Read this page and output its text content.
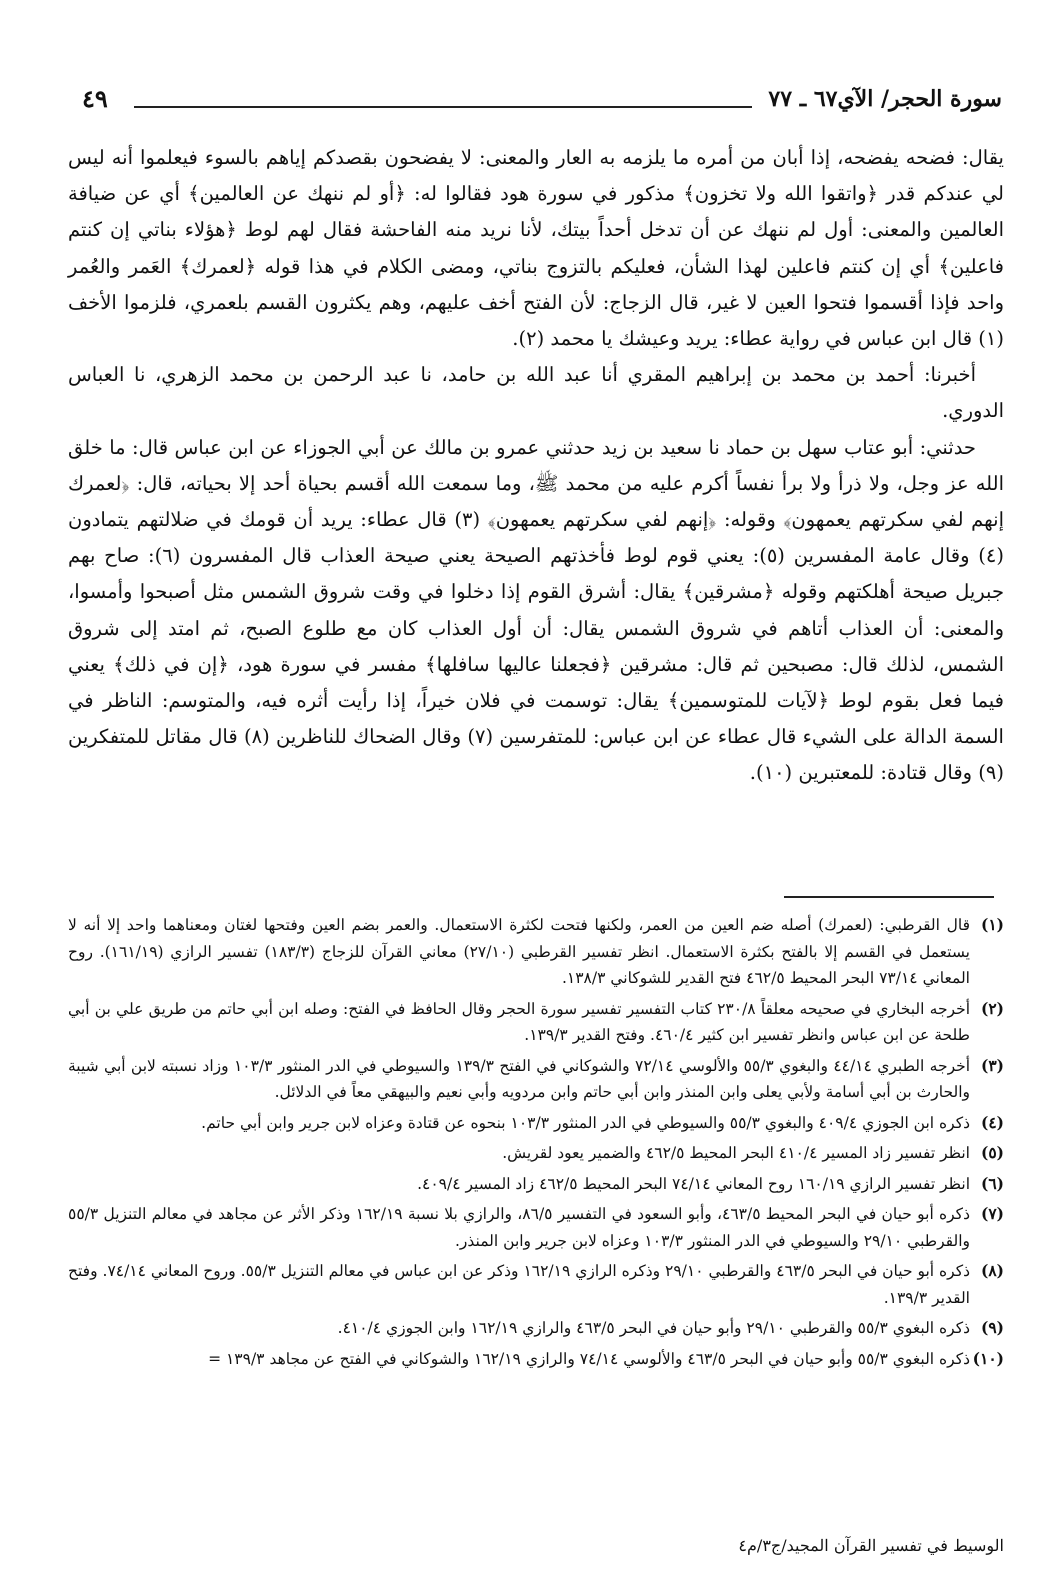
سورة الحجر/ الآي٦٧ ـ ٧٧
٤٩

يقال: فضحه يفضحه، إذا أبان من أمره ما يلزمه به العار والمعنى: لا يفضحون بقصدكم إياهم بالسوء فيعلموا أنه ليس لي عندكم قدر ﴿واتقوا الله ولا تخزون﴾ مذكور في سورة هود فقالوا له: ﴿أو لم ننهك عن العالمين﴾ أي عن ضيافة العالمين والمعنى: أول لم ننهك عن أن تدخل أحداً بيتك، لأنا نريد منه الفاحشة فقال لهم لوط ﴿هؤلاء بناتي إن كنتم فاعلين﴾ أي إن كنتم فاعلين لهذا الشأن، فعليكم بالتزوج بناتي، ومضى الكلام في هذا قوله ﴿لعمرك﴾ العَمر والعُمر واحد فإذا أقسموا فتحوا العين لا غير، قال الزجاج: لأن الفتح أخف عليهم، وهم يكثرون القسم بلعمري، فلزموا الأخف (١) قال ابن عباس في رواية عطاء: يريد وعيشك يا محمد (٢).

أخبرنا: أحمد بن محمد بن إبراهيم المقري أنا عبد الله بن حامد، نا عبد الرحمن بن محمد الزهري، نا العباس الدوري.

حدثني: أبو عتاب سهل بن حماد نا سعيد بن زيد حدثني عمرو بن مالك عن أبي الجوزاء عن ابن عباس قال: ما خلق الله عز وجل، ولا ذرأ ولا برأ نفساً أكرم عليه من محمد ﷺ، وما سمعت الله أقسم بحياة أحد إلا بحياته، قال: ﴿لعمرك إنهم لفي سكرتهم يعمهون﴾ وقوله: ﴿إنهم لفي سكرتهم يعمهون﴾ (٣) قال عطاء: يريد أن قومك في ضلالتهم يتمادون (٤) وقال عامة المفسرين (٥): يعني قوم لوط فأخذتهم الصيحة يعني صيحة العذاب قال المفسرون (٦): صاح بهم جبريل صيحة أهلكتهم وقوله ﴿مشرقين﴾ يقال: أشرق القوم إذا دخلوا في وقت شروق الشمس مثل أصبحوا وأمسوا، والمعنى: أن العذاب أتاهم في شروق الشمس يقال: أن أول العذاب كان مع طلوع الصبح، ثم امتد إلى شروق الشمس، لذلك قال: مصبحين ثم قال: مشرقين ﴿فجعلنا عاليها سافلها﴾ مفسر في سورة هود، ﴿إن في ذلك﴾ يعني فيما فعل بقوم لوط ﴿لآيات للمتوسمين﴾ يقال: توسمت في فلان خيراً، إذا رأيت أثره فيه، والمتوسم: الناظر في السمة الدالة على الشيء قال عطاء عن ابن عباس: للمتفرسين (٧) وقال الضحاك للناظرين (٨) قال مقاتل للمتفكرين (٩) وقال قتادة: للمعتبرين (١٠).

(١)
قال القرطبي: (لعمرك) أصله ضم العين من العمر، ولكنها فتحت لكثرة الاستعمال. والعمر بضم العين وفتحها لغتان ومعناهما واحد إلا أنه لا يستعمل في القسم إلا بالفتح بكثرة الاستعمال. انظر تفسير القرطبي (٢٧/١٠) معاني القرآن للزجاج (١٨٣/٣) تفسير الرازي (١٦١/١٩). روح المعاني ٧٣/١٤ البحر المحيط ٤٦٢/٥ فتح القدير للشوكاني ١٣٨/٣.
(٢)
أخرجه البخاري في صحيحه معلقاً ٢٣٠/٨ كتاب التفسير تفسير سورة الحجر وقال الحافظ في الفتح: وصله ابن أبي حاتم من طريق علي بن أبي طلحة عن ابن عباس وانظر تفسير ابن كثير ٤٦٠/٤. وفتح القدير ١٣٩/٣.
(٣)
أخرجه الطبري ٤٤/١٤ والبغوي ٥٥/٣ والألوسي ٧٢/١٤ والشوكاني في الفتح ١٣٩/٣ والسيوطي في الدر المنثور ١٠٣/٣ وزاد نسبته لابن أبي شيبة والحارث بن أبي أسامة ولأبي يعلى وابن المنذر وابن أبي حاتم وابن مردويه وأبي نعيم والبيهقي معاً في الدلائل.
(٤)
ذكره ابن الجوزي ٤٠٩/٤ والبغوي ٥٥/٣ والسيوطي في الدر المنثور ١٠٣/٣ بنحوه عن قتادة وعزاه لابن جرير وابن أبي حاتم.
(٥)
انظر تفسير زاد المسير ٤١٠/٤ البحر المحيط ٤٦٢/٥ والضمير يعود لقريش.
(٦)
انظر تفسير الرازي ١٦٠/١٩ روح المعاني ٧٤/١٤ البحر المحيط ٤٦٢/٥ زاد المسير ٤٠٩/٤.
(٧)
ذكره أبو حيان في البحر المحيط ٤٦٣/٥، وأبو السعود في التفسير ٨٦/٥، والرازي بلا نسبة ١٦٢/١٩ وذكر الأثر عن مجاهد في معالم التنزيل ٥٥/٣ والقرطبي ٢٩/١٠ والسيوطي في الدر المنثور ١٠٣/٣ وعزاه لابن جرير وابن المنذر.
(٨)
ذكره أبو حيان في البحر ٤٦٣/٥ والقرطبي ٢٩/١٠ وذكره الرازي ١٦٢/١٩ وذكر عن ابن عباس في معالم التنزيل ٥٥/٣. وروح المعاني ٧٤/١٤. وفتح القدير ١٣٩/٣.
(٩)
ذكره البغوي ٥٥/٣ والقرطبي ٢٩/١٠ وأبو حيان في البحر ٤٦٣/٥ والرازي ١٦٢/١٩ وابن الجوزي ٤١٠/٤.
(١٠)
ذكره البغوي ٥٥/٣ وأبو حيان في البحر ٤٦٣/٥ والألوسي ٧٤/١٤ والرازي ١٦٢/١٩ والشوكاني في الفتح عن مجاهد ١٣٩/٣ =
الوسيط في تفسير القرآن المجيد/ج٣/م٤
